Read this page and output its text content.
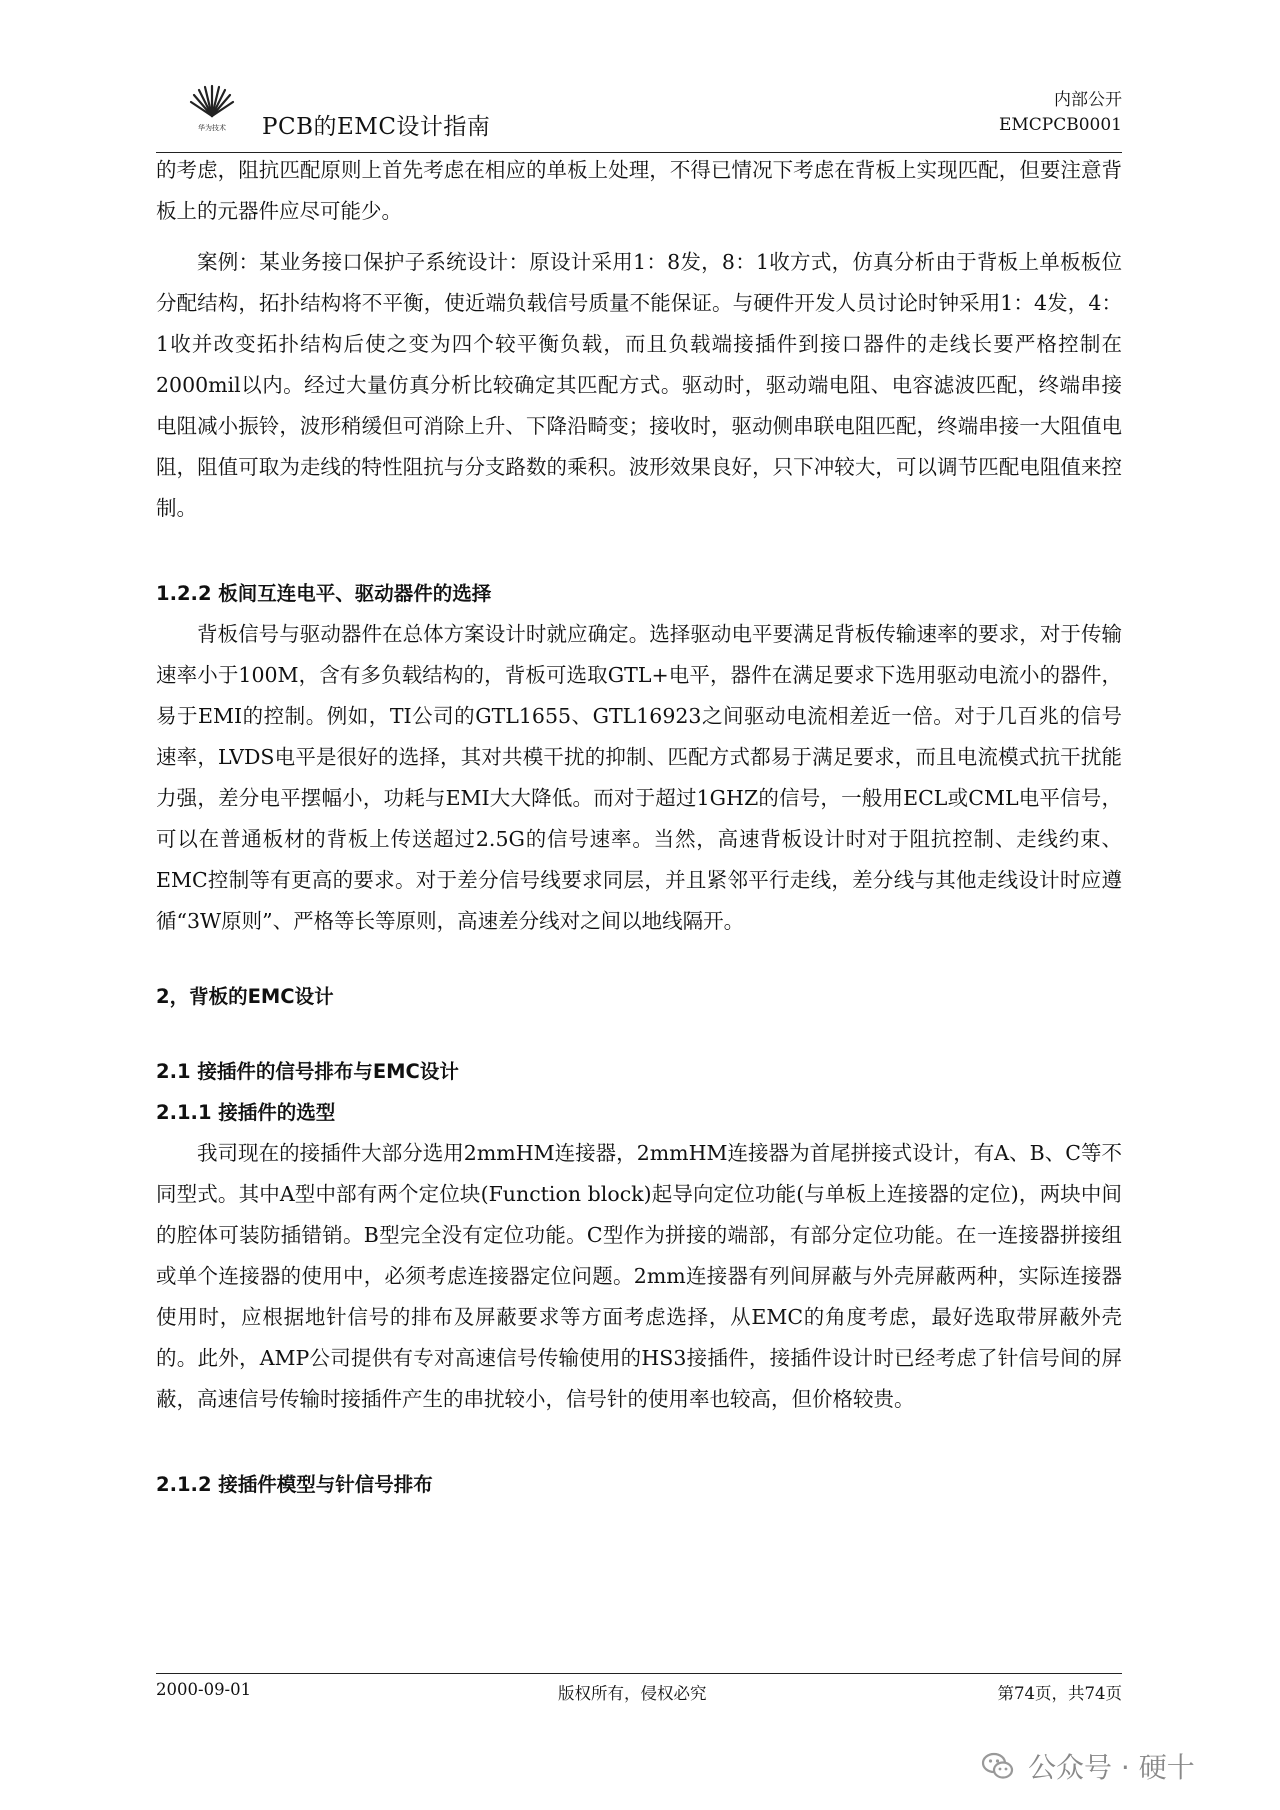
华为技术 PCB的EMC设计指南
内部公开
EMCPCB0001

的考虑，阻抗匹配原则上首先考虑在相应的单板上处理，不得已情况下考虑在背板上实现匹配，但要注意背板上的元器件应尽可能少。

案例：某业务接口保护子系统设计：原设计采用1：8发，8：1收方式，仿真分析由于背板上单板板位分配结构，拓扑结构将不平衡，使近端负载信号质量不能保证。与硬件开发人员讨论时钟采用1：4发，4：1收并改变拓扑结构后使之变为四个较平衡负载，而且负载端接插件到接口器件的走线长要严格控制在2000mil以内。经过大量仿真分析比较确定其匹配方式。驱动时，驱动端电阻、电容滤波匹配，终端串接电阻减小振铃，波形稍缓但可消除上升、下降沿畸变；接收时，驱动侧串联电阻匹配，终端串接一大阻值电阻，阻值可取为走线的特性阻抗与分支路数的乘积。波形效果良好，只下冲较大，可以调节匹配电阻值来控制。

1.2.2 板间互连电平、驱动器件的选择

背板信号与驱动器件在总体方案设计时就应确定。选择驱动电平要满足背板传输速率的要求，对于传输速率小于100M，含有多负载结构的，背板可选取GTL+电平，器件在满足要求下选用驱动电流小的器件，易于EMI的控制。例如，TI公司的GTL1655、GTL16923之间驱动电流相差近一倍。对于几百兆的信号速率，LVDS电平是很好的选择，其对共模干扰的抑制、匹配方式都易于满足要求，而且电流模式抗干扰能力强，差分电平摆幅小，功耗与EMI大大降低。而对于超过1GHZ的信号，一般用ECL或CML电平信号，可以在普通板材的背板上传送超过2.5G的信号速率。当然，高速背板设计时对于阻抗控制、走线约束、EMC控制等有更高的要求。对于差分信号线要求同层，并且紧邻平行走线，差分线与其他走线设计时应遵循“3W原则”、严格等长等原则，高速差分线对之间以地线隔开。

2，背板的EMC设计
2.1 接插件的信号排布与EMC设计
2.1.1 接插件的选型

我司现在的接插件大部分选用2mmHM连接器，2mmHM连接器为首尾拼接式设计，有A、B、C等不同型式。其中A型中部有两个定位块(Function block)起导向定位功能(与单板上连接器的定位)，两块中间的腔体可装防插错销。B型完全没有定位功能。C型作为拼接的端部，有部分定位功能。在一连接器拼接组或单个连接器的使用中，必须考虑连接器定位问题。2mm连接器有列间屏蔽与外壳屏蔽两种，实际连接器使用时，应根据地针信号的排布及屏蔽要求等方面考虑选择，从EMC的角度考虑，最好选取带屏蔽外壳的。此外，AMP公司提供有专对高速信号传输使用的HS3接插件，接插件设计时已经考虑了针信号间的屏蔽，高速信号传输时接插件产生的串扰较小，信号针的使用率也较高，但价格较贵。

2.1.2 接插件模型与针信号排布
2000-09-01	版权所有，侵权必究	第74页，共74页
公众号 · 硬十
